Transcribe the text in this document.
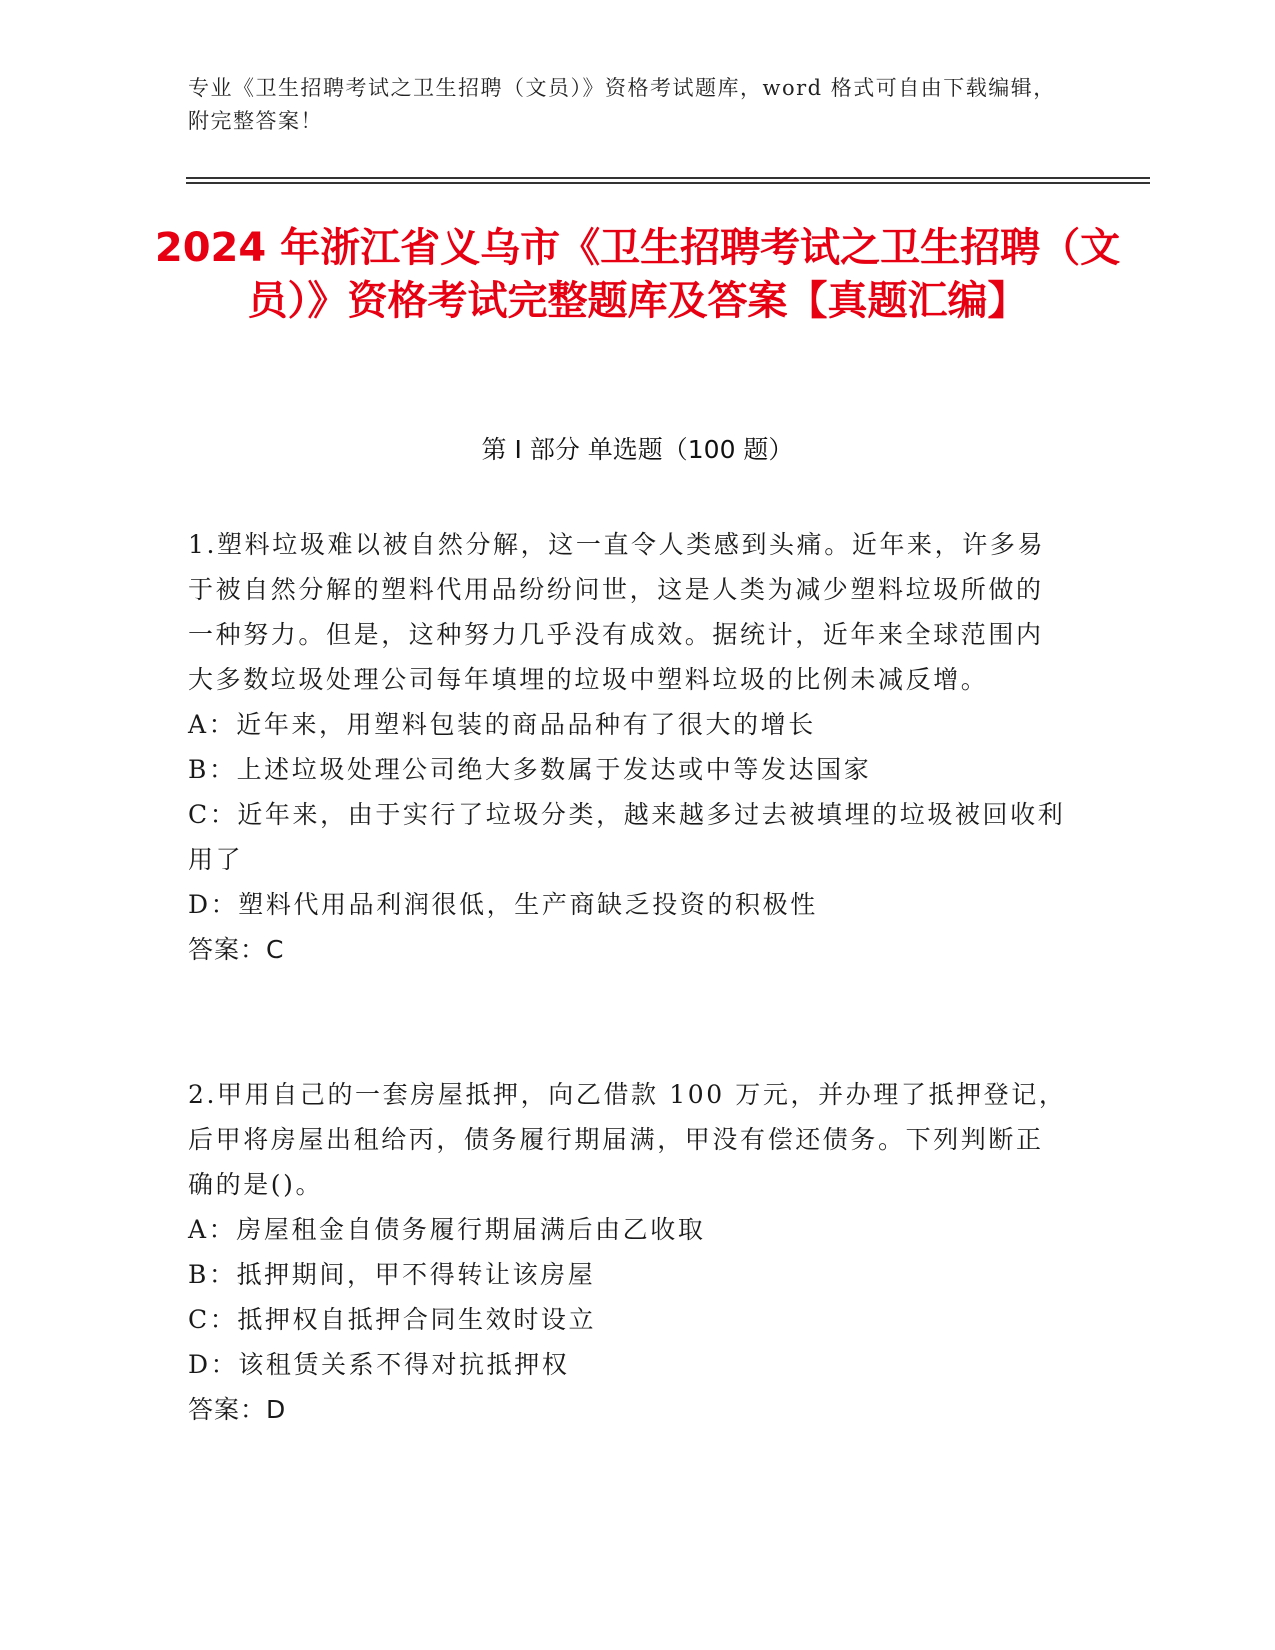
专业《卫生招聘考试之卫生招聘（文员）》资格考试题库，word 格式可自由下载编辑，附完整答案！
2024 年浙江省义乌市《卫生招聘考试之卫生招聘（文员）》资格考试完整题库及答案【真题汇编】
第 I 部分 单选题（100 题）

1.塑料垃圾难以被自然分解，这一直令人类感到头痛。近年来，许多易于被自然分解的塑料代用品纷纷问世，这是人类为减少塑料垃圾所做的一种努力。但是，这种努力几乎没有成效。据统计，近年来全球范围内大多数垃圾处理公司每年填埋的垃圾中塑料垃圾的比例未减反增。

A：近年来，用塑料包装的商品品种有了很大的增长

B：上述垃圾处理公司绝大多数属于发达或中等发达国家

C：近年来，由于实行了垃圾分类，越来越多过去被填埋的垃圾被回收利用了

D：塑料代用品利润很低，生产商缺乏投资的积极性

答案：C

2.甲用自己的一套房屋抵押，向乙借款 100 万元，并办理了抵押登记，后甲将房屋出租给丙，债务履行期届满，甲没有偿还债务。下列判断正确的是()。

A：房屋租金自债务履行期届满后由乙收取

B：抵押期间，甲不得转让该房屋

C：抵押权自抵押合同生效时设立

D：该租赁关系不得对抗抵押权

答案：D
